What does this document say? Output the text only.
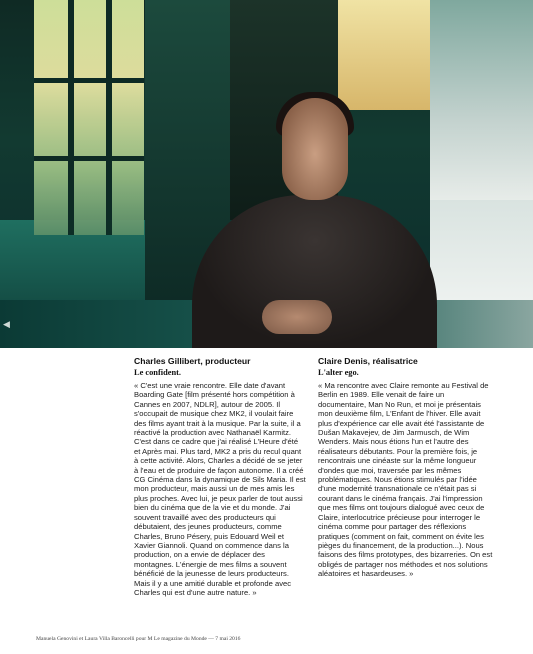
◀
Charles Gillibert, producteur
Le confident.

« C'est une vraie rencontre. Elle date d'avant Boarding Gate [film présenté hors compétition à Cannes en 2007, NDLR], autour de 2005. Il s'occupait de musique chez MK2, il voulait faire des films ayant trait à la musique. Par la suite, il a réactivé la production avec Nathanaël Karmitz. C'est dans ce cadre que j'ai réalisé L'Heure d'été et Après mai. Plus tard, MK2 a pris du recul quant à cette activité. Alors, Charles a décidé de se jeter à l'eau et de produire de façon autonome. Il a créé CG Cinéma dans la dynamique de Sils Maria. Il est mon producteur, mais aussi un de mes amis les plus proches. Avec lui, je peux parler de tout aussi bien du cinéma que de la vie et du monde. J'ai souvent travaillé avec des producteurs qui débutaient, des jeunes producteurs, comme Charles, Bruno Pésery, puis Edouard Weil et Xavier Giannoli. Quand on commence dans la production, on a envie de déplacer des montagnes. L'énergie de mes films a souvent bénéficié de la jeunesse de leurs producteurs. Mais il y a une amitié durable et profonde avec Charles qui est d'une autre nature. »

Claire Denis, réalisatrice
L'alter ego.

« Ma rencontre avec Claire remonte au Festival de Berlin en 1989. Elle venait de faire un documentaire, Man No Run, et moi je présentais mon deuxième film, L'Enfant de l'hiver. Elle avait plus d'expérience car elle avait été l'assistante de Dušan Makavejev, de Jim Jarmusch, de Wim Wenders. Mais nous étions l'un et l'autre des réalisateurs débutants. Pour la première fois, je rencontrais une cinéaste sur la même longueur d'ondes que moi, traversée par les mêmes problématiques. Nous étions stimulés par l'idée d'une modernité transnationale ce n'était pas si courant dans le cinéma français. J'ai l'impression que mes films ont toujours dialogué avec ceux de Claire, interlocutrice précieuse pour interroger le cinéma comme pour partager des réflexions pratiques (comment on fait, comment on évite les pièges du financement, de la production...). Nous faisons des films prototypes, des bizarreries. On est obligés de partager nos méthodes et nos solutions aléatoires et hasardeuses. »

Manuela Genovini et Laura Villa Baroncelli pour M Le magazine du Monde — 7 mai 2016
